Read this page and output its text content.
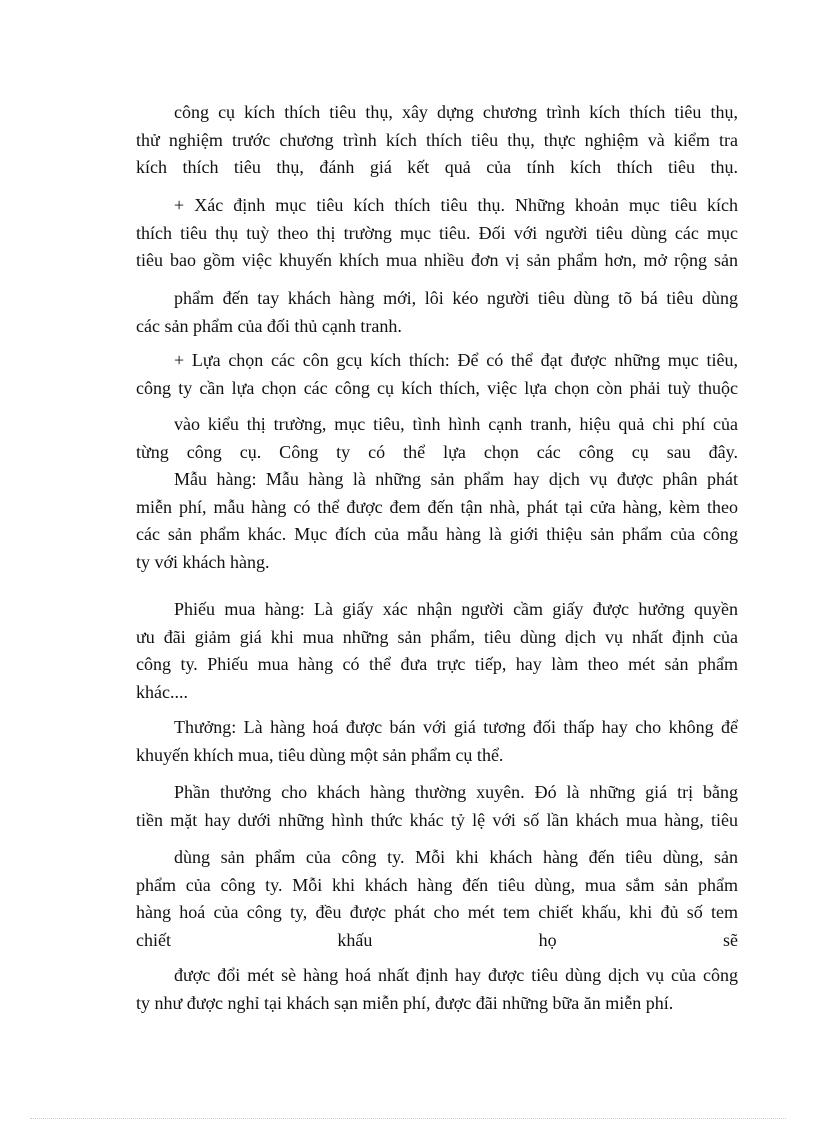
công cụ kích thích tiêu thụ, xây dựng chương trình kích thích tiêu thụ,
thử nghiệm trước chương trình kích thích tiêu thụ, thực nghiệm và kiểm tra
kích thích tiêu thụ, đánh giá kết quả của tính kích thích tiêu thụ.
+ Xác định mục tiêu kích thích tiêu thụ. Những khoản mục tiêu kích
thích tiêu thụ tuỳ theo thị trường mục tiêu. Đối với người tiêu dùng các mục
tiêu bao gồm việc khuyến khích mua nhiều đơn vị sản phẩm hơn, mở rộng sản
phẩm đến tay khách hàng mới, lôi kéo người tiêu dùng tõ bá tiêu dùng
các sản phẩm của đối thủ cạnh tranh.
+ Lựa chọn các côn gcụ kích thích: Để có thể đạt được những mục tiêu,
công ty cần lựa chọn các công cụ kích thích, việc lựa chọn còn phải tuỳ thuộc
vào kiểu thị trường, mục tiêu, tình hình cạnh tranh, hiệu quả chi phí của
từng công cụ. Công ty có thể lựa chọn các công cụ sau đây.
Mẫu hàng: Mẫu hàng là những sản phẩm hay dịch vụ được phân phát
miễn phí, mẫu hàng có thể được đem đến tận nhà, phát tại cửa hàng, kèm theo
các sản phẩm khác. Mục đích của mẫu hàng là giới thiệu sản phẩm của công
ty với khách hàng.
Phiếu mua hàng: Là giấy xác nhận người cầm giấy được hưởng quyền
ưu đãi giảm giá khi mua những sản phẩm, tiêu dùng dịch vụ nhất định của
công ty. Phiếu mua hàng có thể đưa trực tiếp, hay làm theo mét sản phẩm
khác....
Thưởng: Là hàng hoá được bán với giá tương đối thấp hay cho không để
khuyến khích mua, tiêu dùng một sản phẩm cụ thể.
Phần thưởng cho khách hàng thường xuyên. Đó là những giá trị bằng
tiền mặt hay dưới những hình thức khác tỷ lệ với số lần khách mua hàng, tiêu
dùng sản phẩm của công ty. Mỗi khi khách hàng đến tiêu dùng, sản
phẩm của công ty. Mỗi khi khách hàng đến tiêu dùng, mua sắm sản phẩm
hàng hoá của công ty, đều được phát cho mét tem chiết khấu, khi đủ số tem
chiết khấu họ sẽ
được đổi mét sè hàng hoá nhất định hay được tiêu dùng dịch vụ của công
ty như được nghỉ tại khách sạn miễn phí, được đãi những bữa ăn miễn phí.
